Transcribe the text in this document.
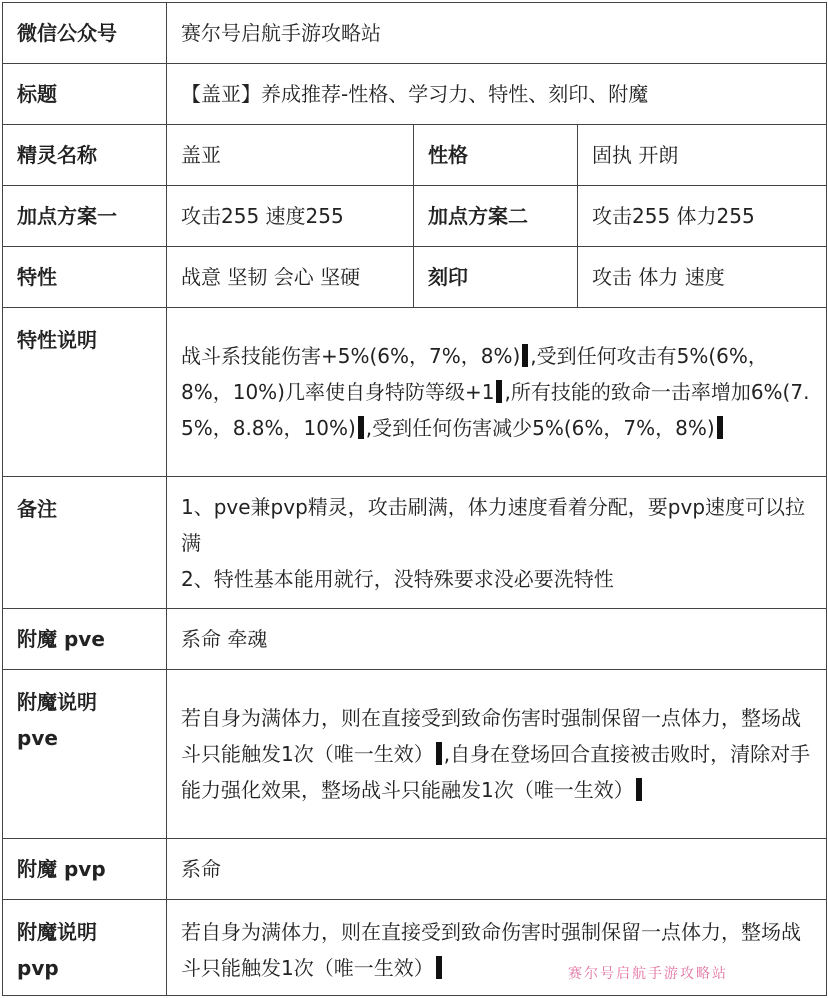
微信公众号	赛尔号启航手游攻略站		
标题	【盖亚】养成推荐-性格、学习力、特性、刻印、附魔		
精灵名称	盖亚	性格	固执 开朗
加点方案一	攻击255 速度255	加点方案二	攻击255 体力255
特性	战意 坚韧 会心 坚硬	刻印	攻击 体力 速度
特性说明	战斗系技能伤害+5%(6%，7%，8%) ,受到任何攻击有5%(6%，8%，10%)几率使自身特防等级+1 ,所有技能的致命一击率增加6%(7.5%，8.8%，10%) ,受到任何伤害减少5%(6%，7%，8%)		
备注	1、pve兼pvp精灵，攻击刷满，体力速度看着分配，要pvp速度可以拉满
2、特性基本能用就行，没特殊要求没必要洗特性		

附魔 pve	系命 牵魂		

附魔说明
pve	若自身为满体力，则在直接受到致命伤害时强制保留一点体力，整场战斗只能触发1次（唯一生效） ,自身在登场回合直接被击败时，清除对手能力强化效果，整场战斗只能融发1次（唯一生效）		
附魔 pvp	系命		

附魔说明
pvp	若自身为满体力，则在直接受到致命伤害时强制保留一点体力，整场战斗只能触发1次（唯一生效）			赛尔号启航手游攻略站
